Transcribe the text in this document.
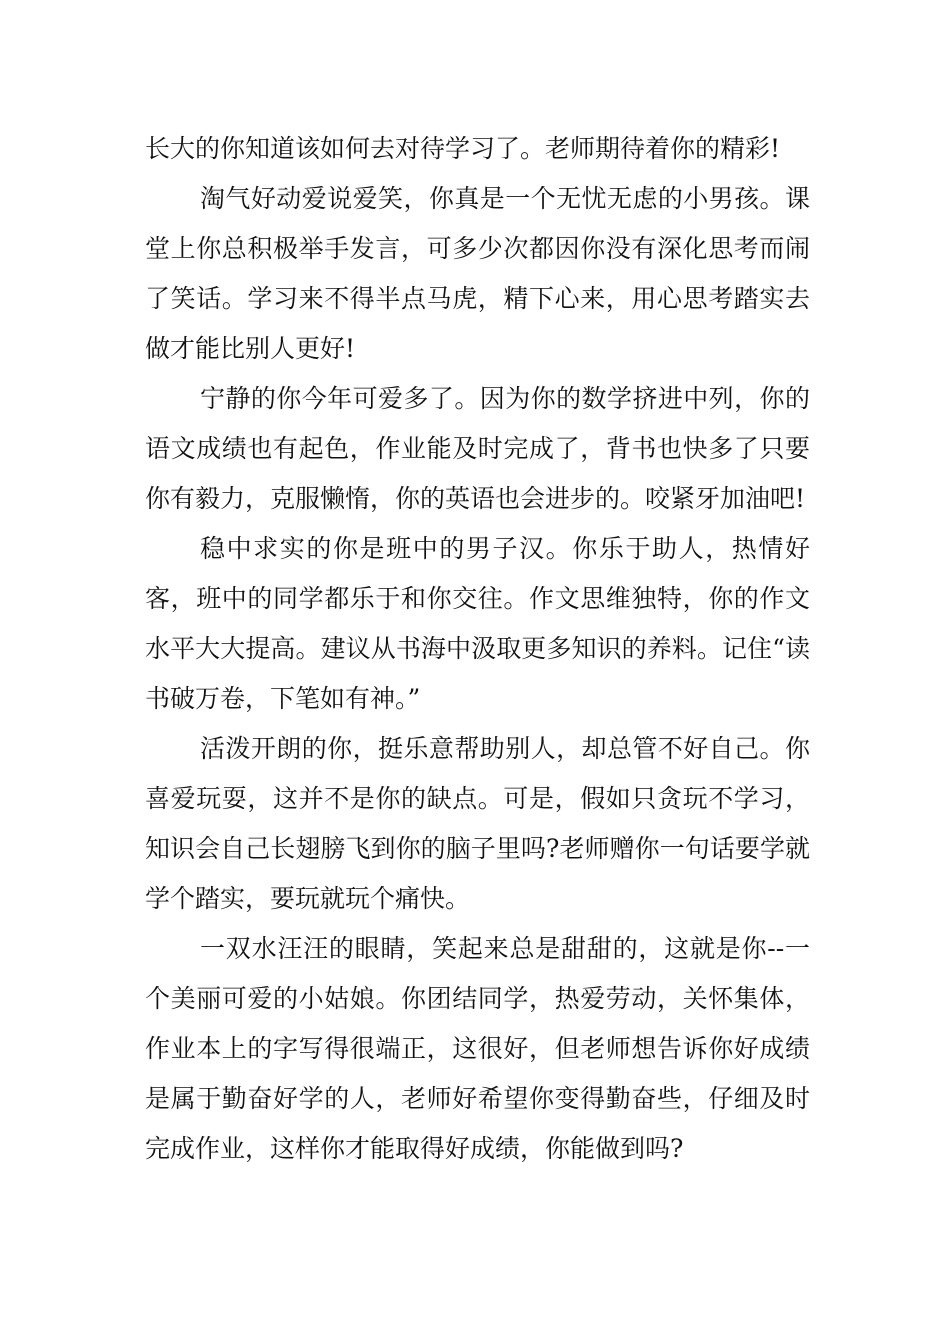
长大的你知道该如何去对待学习了。老师期待着你的精彩!

淘气好动爱说爱笑，你真是一个无忧无虑的小男孩。课堂上你总积极举手发言，可多少次都因你没有深化思考而闹了笑话。学习来不得半点马虎，精下心来，用心思考踏实去做才能比别人更好!

宁静的你今年可爱多了。因为你的数学挤进中列，你的语文成绩也有起色，作业能及时完成了，背书也快多了只要你有毅力，克服懒惰，你的英语也会进步的。咬紧牙加油吧!

稳中求实的你是班中的男子汉。你乐于助人，热情好客，班中的同学都乐于和你交往。作文思维独特，你的作文水平大大提高。建议从书海中汲取更多知识的养料。记住“读书破万卷，下笔如有神。”

活泼开朗的你，挺乐意帮助别人，却总管不好自己。你喜爱玩耍，这并不是你的缺点。可是，假如只贪玩不学习，知识会自己长翅膀飞到你的脑子里吗?老师赠你一句话要学就学个踏实，要玩就玩个痛快。

一双水汪汪的眼睛，笑起来总是甜甜的，这就是你--一个美丽可爱的小姑娘。你团结同学，热爱劳动，关怀集体，作业本上的字写得很端正，这很好，但老师想告诉你好成绩是属于勤奋好学的人，老师好希望你变得勤奋些，仔细及时完成作业，这样你才能取得好成绩，你能做到吗?
